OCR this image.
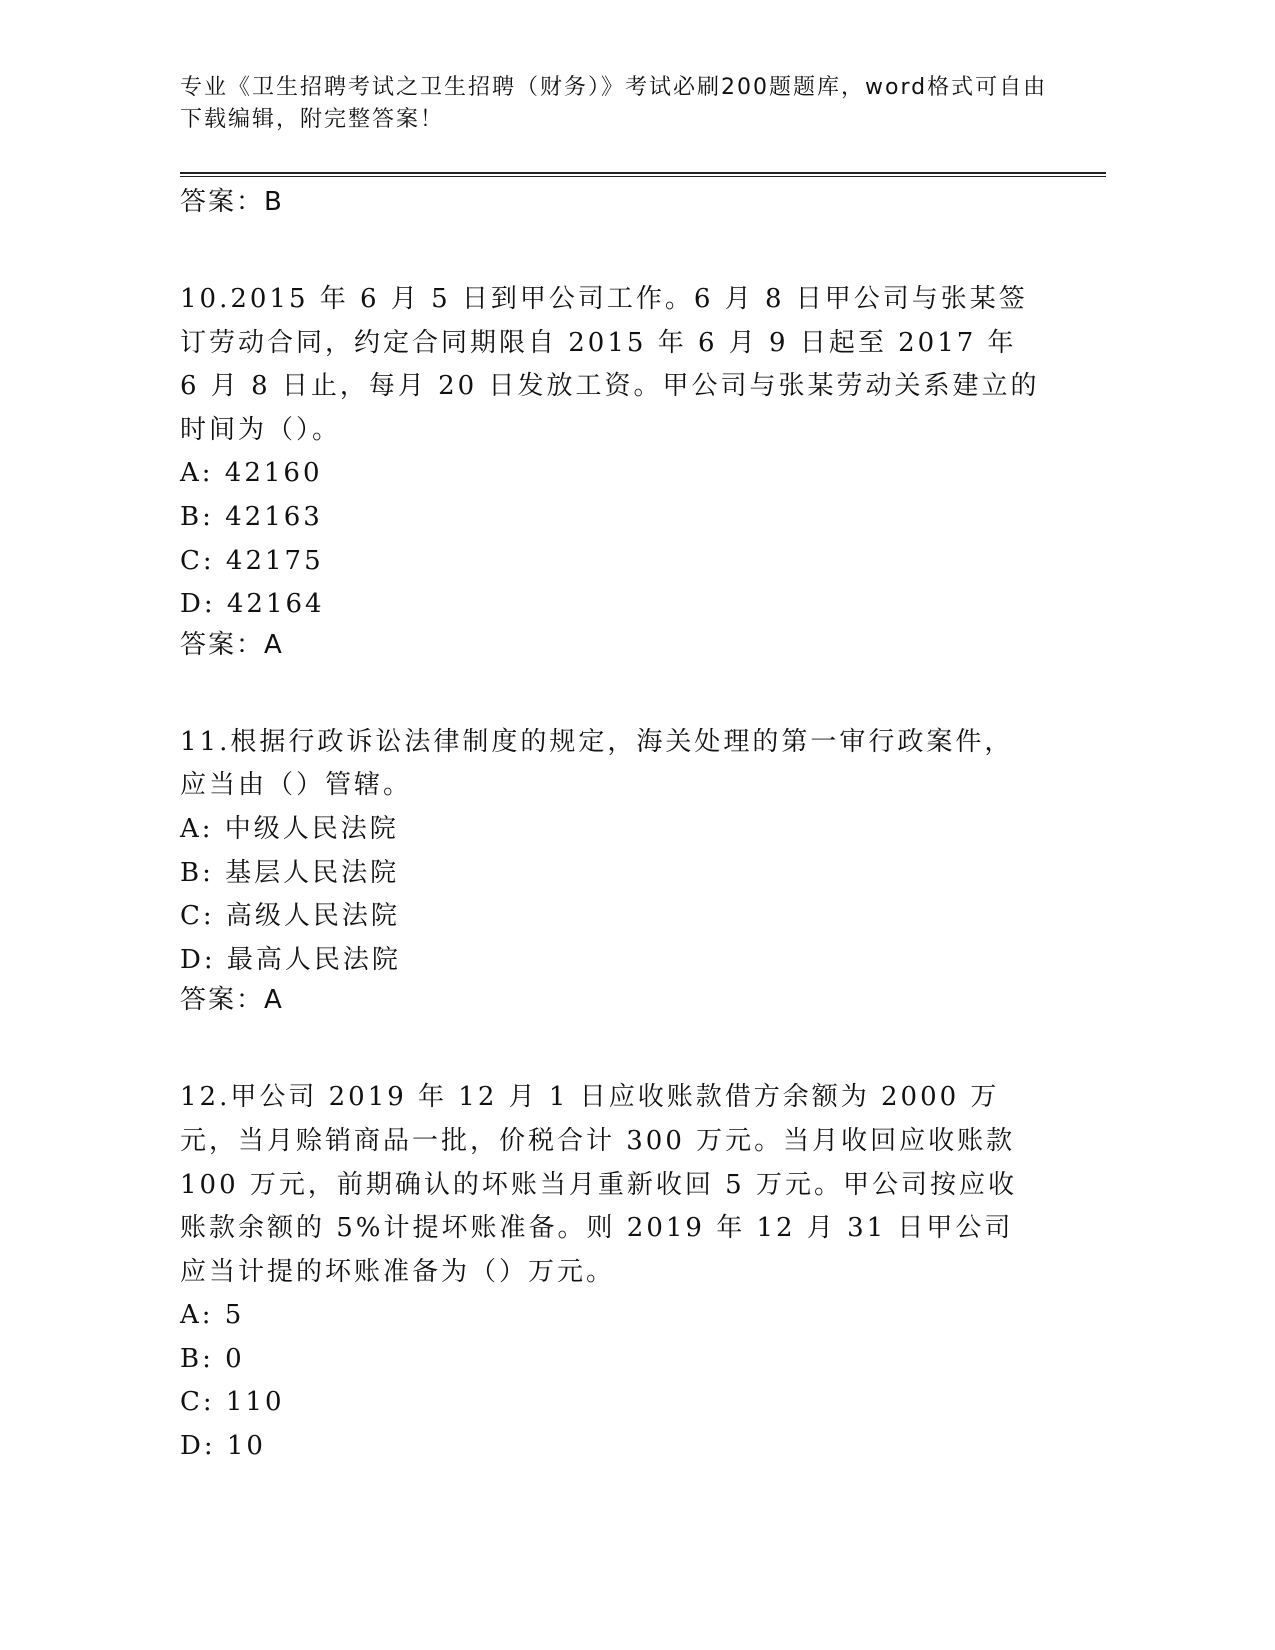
专业《卫生招聘考试之卫生招聘（财务）》考试必刷200题题库，word格式可自由下载编辑，附完整答案！
答案：B

10.2015 年 6 月 5 日到甲公司工作。6 月 8 日甲公司与张某签订劳动合同，约定合同期限自 2015 年 6 月 9 日起至 2017 年 6 月 8 日止，每月 20 日发放工资。甲公司与张某劳动关系建立的时间为（）。

A: 42160
B: 42163
C: 42175
D: 42164
答案：A

11.根据行政诉讼法律制度的规定，海关处理的第一审行政案件，应当由（）管辖。

A: 中级人民法院
B: 基层人民法院
C: 高级人民法院
D: 最高人民法院
答案：A

12.甲公司 2019 年 12 月 1 日应收账款借方余额为 2000 万元，当月赊销商品一批，价税合计 300 万元。当月收回应收账款 100 万元，前期确认的坏账当月重新收回 5 万元。甲公司按应收账款余额的 5%计提坏账准备。则 2019 年 12 月 31 日甲公司应当计提的坏账准备为（）万元。

A: 5
B: 0
C: 110
D: 10
